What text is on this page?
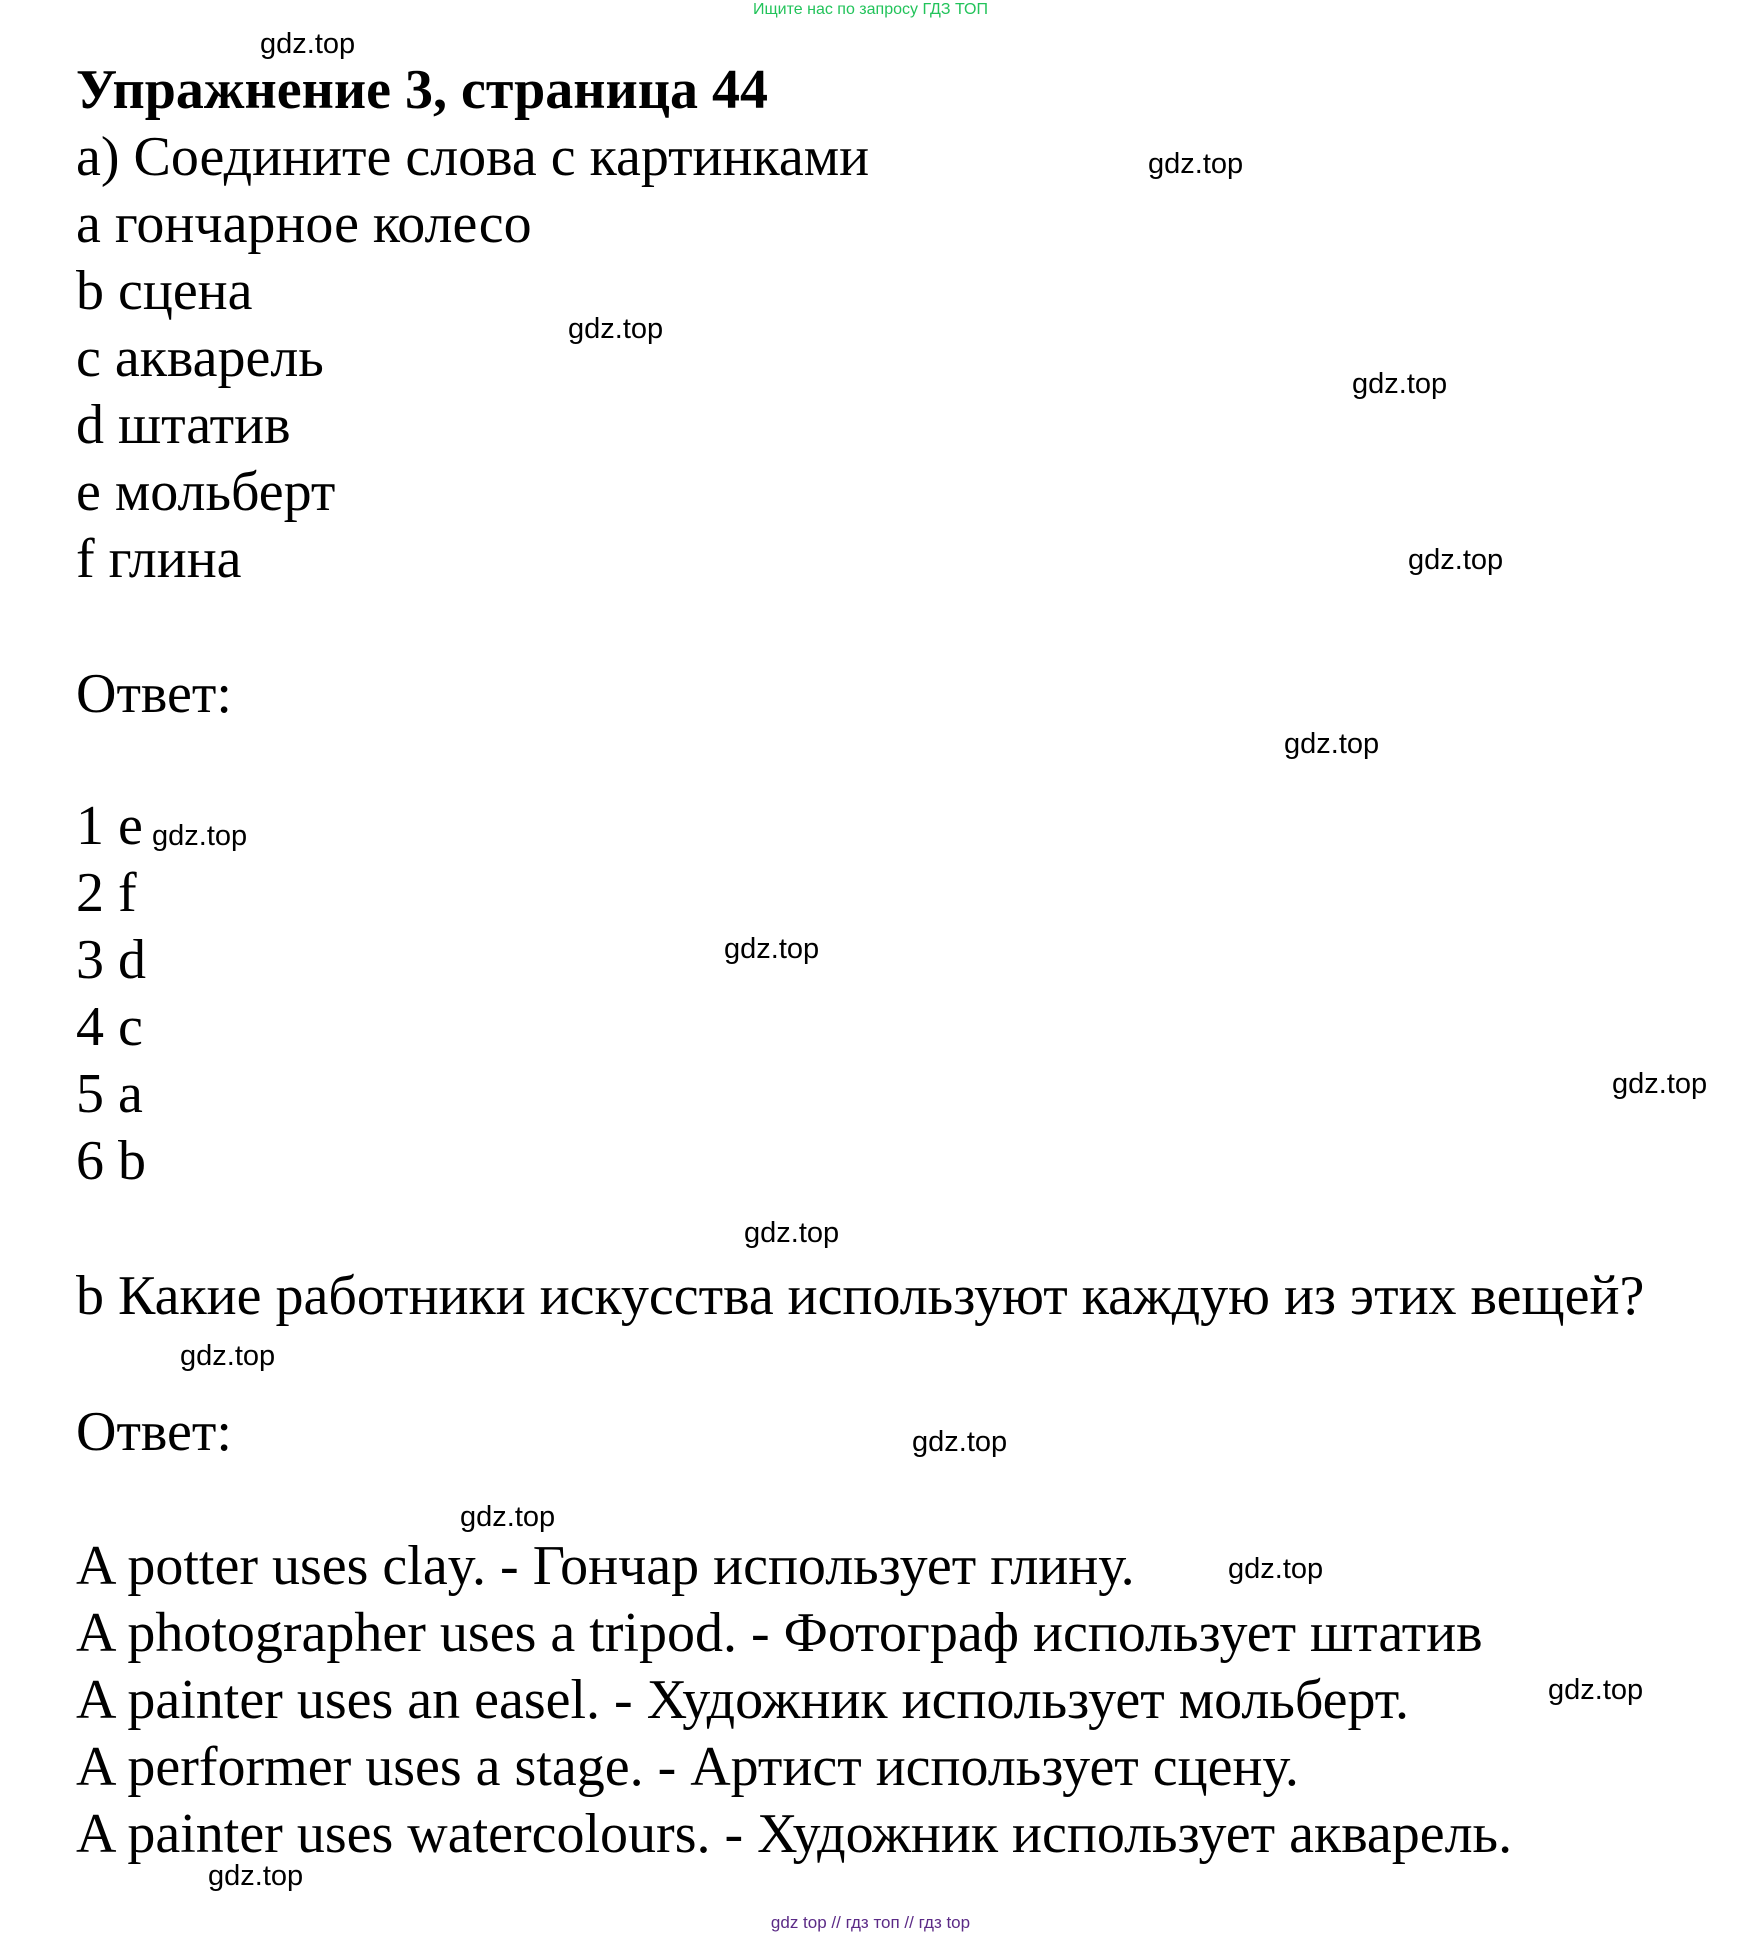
Ищите нас по запросу ГДЗ ТОП
Упражнение 3, страница 44
a) Соедините слова с картинками
a гончарное колесо
b сцена
c акварель
d штатив
e мольберт
f глина
Ответ:
1 e
2 f
3 d
4 c
5 a
6 b
b Какие работники искусства используют каждую из этих вещей?
Ответ:
A potter uses clay. - Гончар использует глину.
A photographer uses a tripod. - Фотограф использует штатив
A painter uses an easel. - Художник использует мольберт.
A performer uses a stage. - Артист использует сцену.
A painter uses watercolours. - Художник использует акварель.
gdz.top
gdz.top
gdz.top
gdz.top
gdz.top
gdz.top
gdz.top
gdz.top
gdz.top
gdz.top
gdz.top
gdz.top
gdz.top
gdz.top
gdz.top
gdz.top
gdz top // гдз топ // гдз top
